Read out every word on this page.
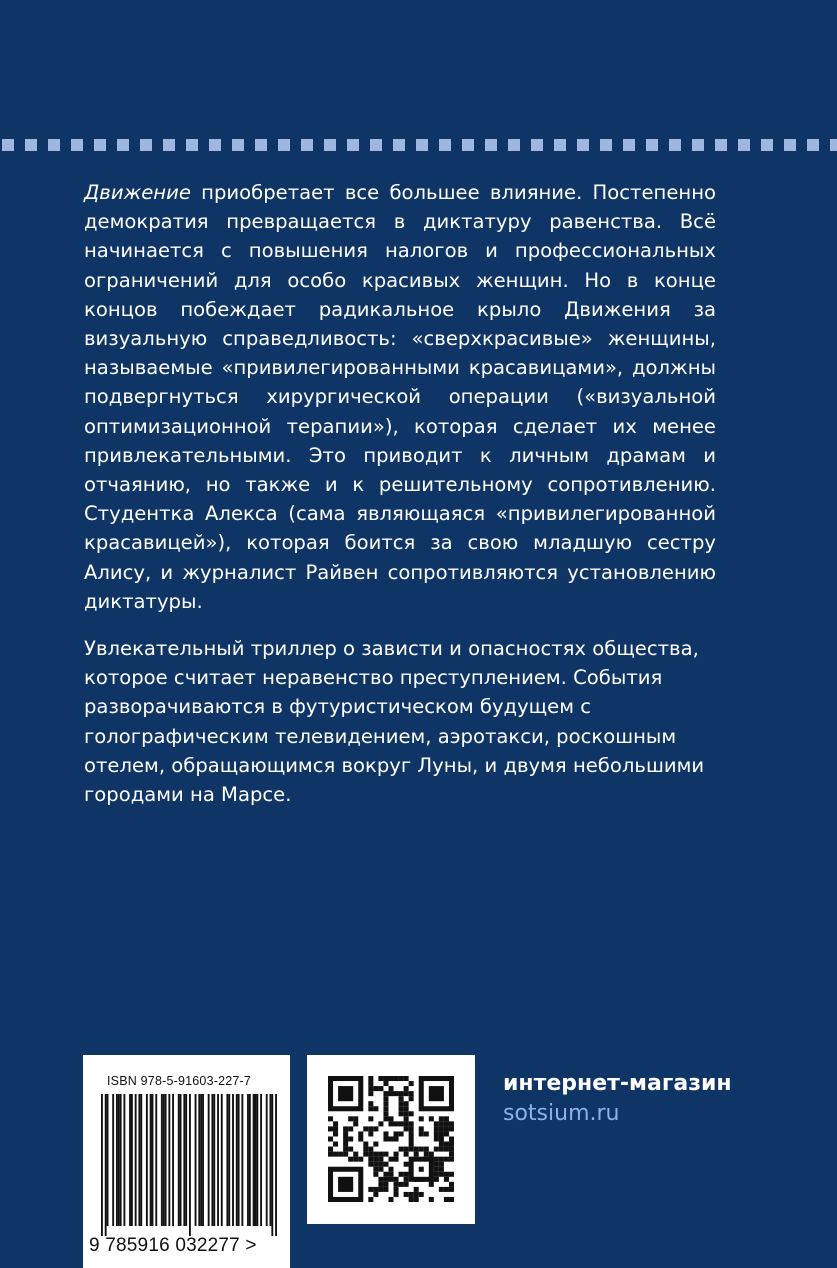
Движение приобретает все большее влияние. Постепенно демократия превращается в диктатуру равенства. Всё начинается с повышения налогов и профессиональных ограничений для особо красивых женщин. Но в конце концов побеждает радикальное крыло Движения за визуальную справедливость: «сверхкрасивые» женщины, называемые «привилегированными красавицами», должны подвергнуться хирургической операции («визуальной оптимизационной терапии»), которая сделает их менее привлекательными. Это приводит к личным драмам и отчаянию, но также и к решительному сопротивлению. Студентка Алекса (сама являющаяся «привилегированной красавицей»), которая боится за свою младшую сестру Алису, и журналист Райвен сопротивляются установлению диктатуры.

Увлекательный триллер о зависти и опасностях общества, которое считает неравенство преступлением. События разворачиваются в футуристическом будущем с голографическим телевидением, аэротакси, роскошным отелем, обращающимся вокруг Луны, и двумя небольшими городами на Марсе.

ISBN 978-5-91603-227-7
9 785916 032277 >
интернет-магазин
sotsium.ru
